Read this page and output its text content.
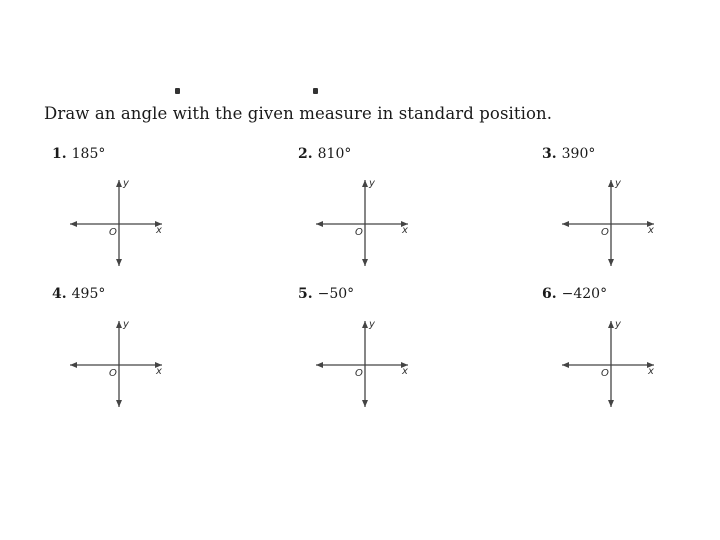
Draw an angle with the given measure in standard position.
1. 185°
y
x
O
2. 810°
y
x
O
3. 390°
y
x
O
4. 495°
y
x
O
5. −50°
y
x
O
6. −420°
y
x
O
